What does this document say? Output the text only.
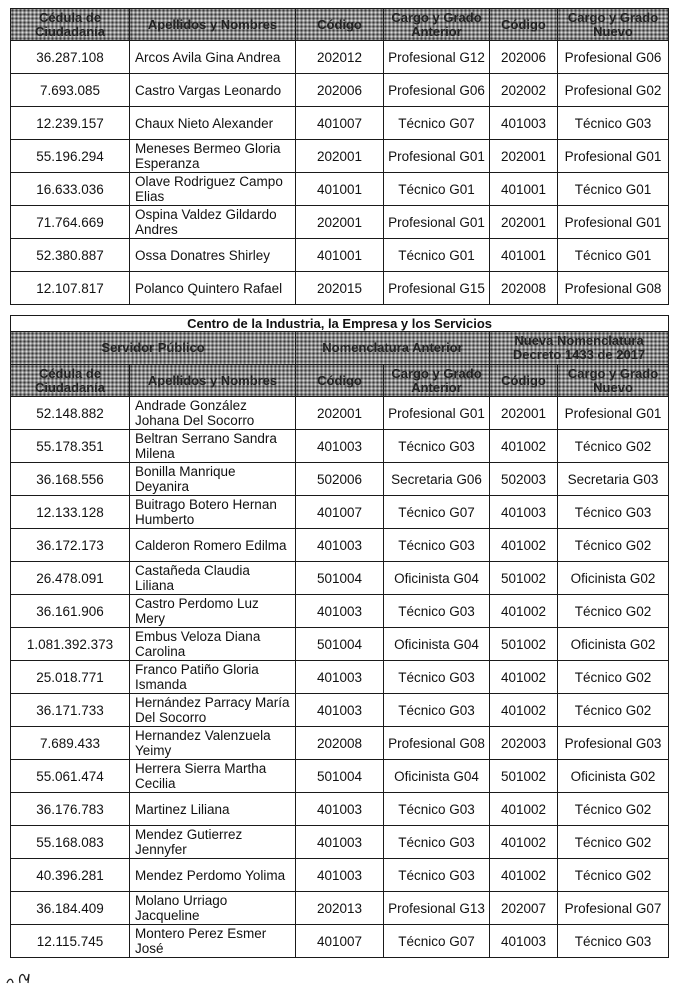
Cédula de Ciudadanía	Apellidos y Nombres	Código	Cargo y Grado Anterior	Código	Cargo y Grado Nuevo
36.287.108	Arcos Avila Gina Andrea	202012	Profesional G12	202006	Profesional G06
7.693.085	Castro Vargas Leonardo	202006	Profesional G06	202002	Profesional G02
12.239.157	Chaux Nieto Alexander	401007	Técnico G07	401003	Técnico G03
55.196.294	Meneses Bermeo Gloria Esperanza	202001	Profesional G01	202001	Profesional G01
16.633.036	Olave Rodriguez Campo Elias	401001	Técnico G01	401001	Técnico G01
71.764.669	Ospina Valdez Gildardo Andres	202001	Profesional G01	202001	Profesional G01
52.380.887	Ossa Donatres Shirley	401001	Técnico G01	401001	Técnico G01
12.107.817	Polanco Quintero Rafael	202015	Profesional G15	202008	Profesional G08
Centro de la Industria, la Empresa y los Servicios					
Servidor Público		Nomenclatura Anterior		Nueva Nomenclatura Decreto 1433 de 2017	
Cédula de Ciudadanía	Apellidos y Nombres	Código	Cargo y Grado Anterior	Código	Cargo y Grado Nuevo
52.148.882	Andrade González Johana Del Socorro	202001	Profesional G01	202001	Profesional G01
55.178.351	Beltran Serrano Sandra Milena	401003	Técnico G03	401002	Técnico G02
36.168.556	Bonilla Manrique Deyanira	502006	Secretaria G06	502003	Secretaria G03
12.133.128	Buitrago Botero Hernan Humberto	401007	Técnico G07	401003	Técnico G03
36.172.173	Calderon Romero Edilma	401003	Técnico G03	401002	Técnico G02
26.478.091	Castañeda Claudia Liliana	501004	Oficinista G04	501002	Oficinista G02
36.161.906	Castro Perdomo Luz Mery	401003	Técnico G03	401002	Técnico G02
1.081.392.373	Embus Veloza Diana Carolina	501004	Oficinista G04	501002	Oficinista G02
25.018.771	Franco Patiño Gloria Ismanda	401003	Técnico G03	401002	Técnico G02
36.171.733	Hernández Parracy María Del Socorro	401003	Técnico G03	401002	Técnico G02
7.689.433	Hernandez Valenzuela Yeimy	202008	Profesional G08	202003	Profesional G03
55.061.474	Herrera Sierra Martha Cecilia	501004	Oficinista G04	501002	Oficinista G02
36.176.783	Martinez Liliana	401003	Técnico G03	401002	Técnico G02
55.168.083	Mendez Gutierrez Jennyfer	401003	Técnico G03	401002	Técnico G02
40.396.281	Mendez Perdomo Yolima	401003	Técnico G03	401002	Técnico G02
36.184.409	Molano Urriago Jacqueline	202013	Profesional G13	202007	Profesional G07
12.115.745	Montero Perez Esmer José	401007	Técnico G07	401003	Técnico G03
